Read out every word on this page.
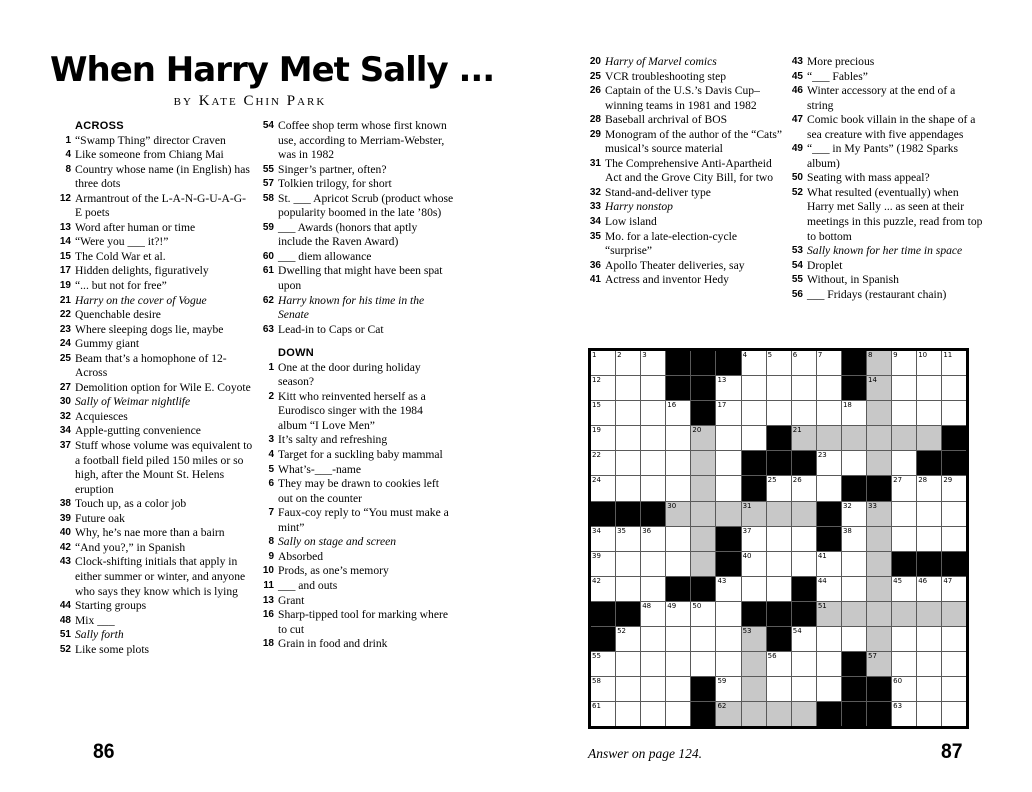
When Harry Met Sally ...
by Kate Chin Park
ACROSS
1 “Swamp Thing” director Craven
4 Like someone from Chiang Mai
8 Country whose name (in English) has three dots
12 Armantrout of the L-A-N-G-U-A-G-E poets
13 Word after human or time
14 “Were you ___ it?!”
15 The Cold War et al.
17 Hidden delights, figuratively
19 “... but not for free”
21 Harry on the cover of Vogue
22 Quenchable desire
23 Where sleeping dogs lie, maybe
24 Gummy giant
25 Beam that’s a homophone of 12-Across
27 Demolition option for Wile E. Coyote
30 Sally of Weimar nightlife
32 Acquiesces
34 Apple-gutting convenience
37 Stuff whose volume was equivalent to a football field piled 150 miles or so high, after the Mount St. Helens eruption
38 Touch up, as a color job
39 Future oak
40 Why, he’s nae more than a bairn
42 “And you?,” in Spanish
43 Clock-shifting initials that apply in either summer or winter, and anyone who says they know which is lying
44 Starting groups
48 Mix ___
51 Sally forth
52 Like some plots
54 Coffee shop term whose first known use, according to Merriam-Webster, was in 1982
55 Singer’s partner, often?
57 Tolkien trilogy, for short
58 St. ___ Apricot Scrub (product whose popularity boomed in the late ’80s)
59 ___ Awards (honors that aptly include the Raven Award)
60 ___ diem allowance
61 Dwelling that might have been spat upon
62 Harry known for his time in the Senate
63 Lead-in to Caps or Cat
DOWN
1 One at the door during holiday season?
2 Kitt who reinvented herself as a Eurodisco singer with the 1984 album “I Love Men”
3 It’s salty and refreshing
4 Target for a suckling baby mammal
5 What’s-___-name
6 They may be drawn to cookies left out on the counter
7 Faux-coy reply to “You must make a mint”
8 Sally on stage and screen
9 Absorbed
10 Prods, as one’s memory
11 ___ and outs
13 Grant
16 Sharp-tipped tool for marking where to cut
18 Grain in food and drink
20 Harry of Marvel comics
25 VCR troubleshooting step
26 Captain of the U.S.’s Davis Cup–winning teams in 1981 and 1982
28 Baseball archrival of BOS
29 Monogram of the author of the “Cats” musical’s source material
31 The Comprehensive Anti-Apartheid Act and the Grove City Bill, for two
32 Stand-and-deliver type
33 Harry nonstop
34 Low island
35 Mo. for a late-election-cycle “surprise”
36 Apollo Theater deliveries, say
41 Actress and inventor Hedy
43 More precious
45 “___ Fables”
46 Winter accessory at the end of a string
47 Comic book villain in the shape of a sea creature with five appendages
49 “___ in My Pants” (1982 Sparks album)
50 Seating with mass appeal?
52 What resulted (eventually) when Harry met Sally ... as seen at their meetings in this puzzle, read from top to bottom
53 Sally known for her time in space
54 Droplet
55 Without, in Spanish
56 ___ Fridays (restaurant chain)
1	2	3	4	5	6	7	8	9	10 11
12	13	14
15	16	17	18
19	20	21
22	23
24	25 26	27 28 29
30	31	32 33
34 35 36	37	38
39	40	41
42	43	44	45 46 47
48 49 50	51
52	53	54
55	56	57
58	59	60
61	62	63
Answer on page 124.
86	87
